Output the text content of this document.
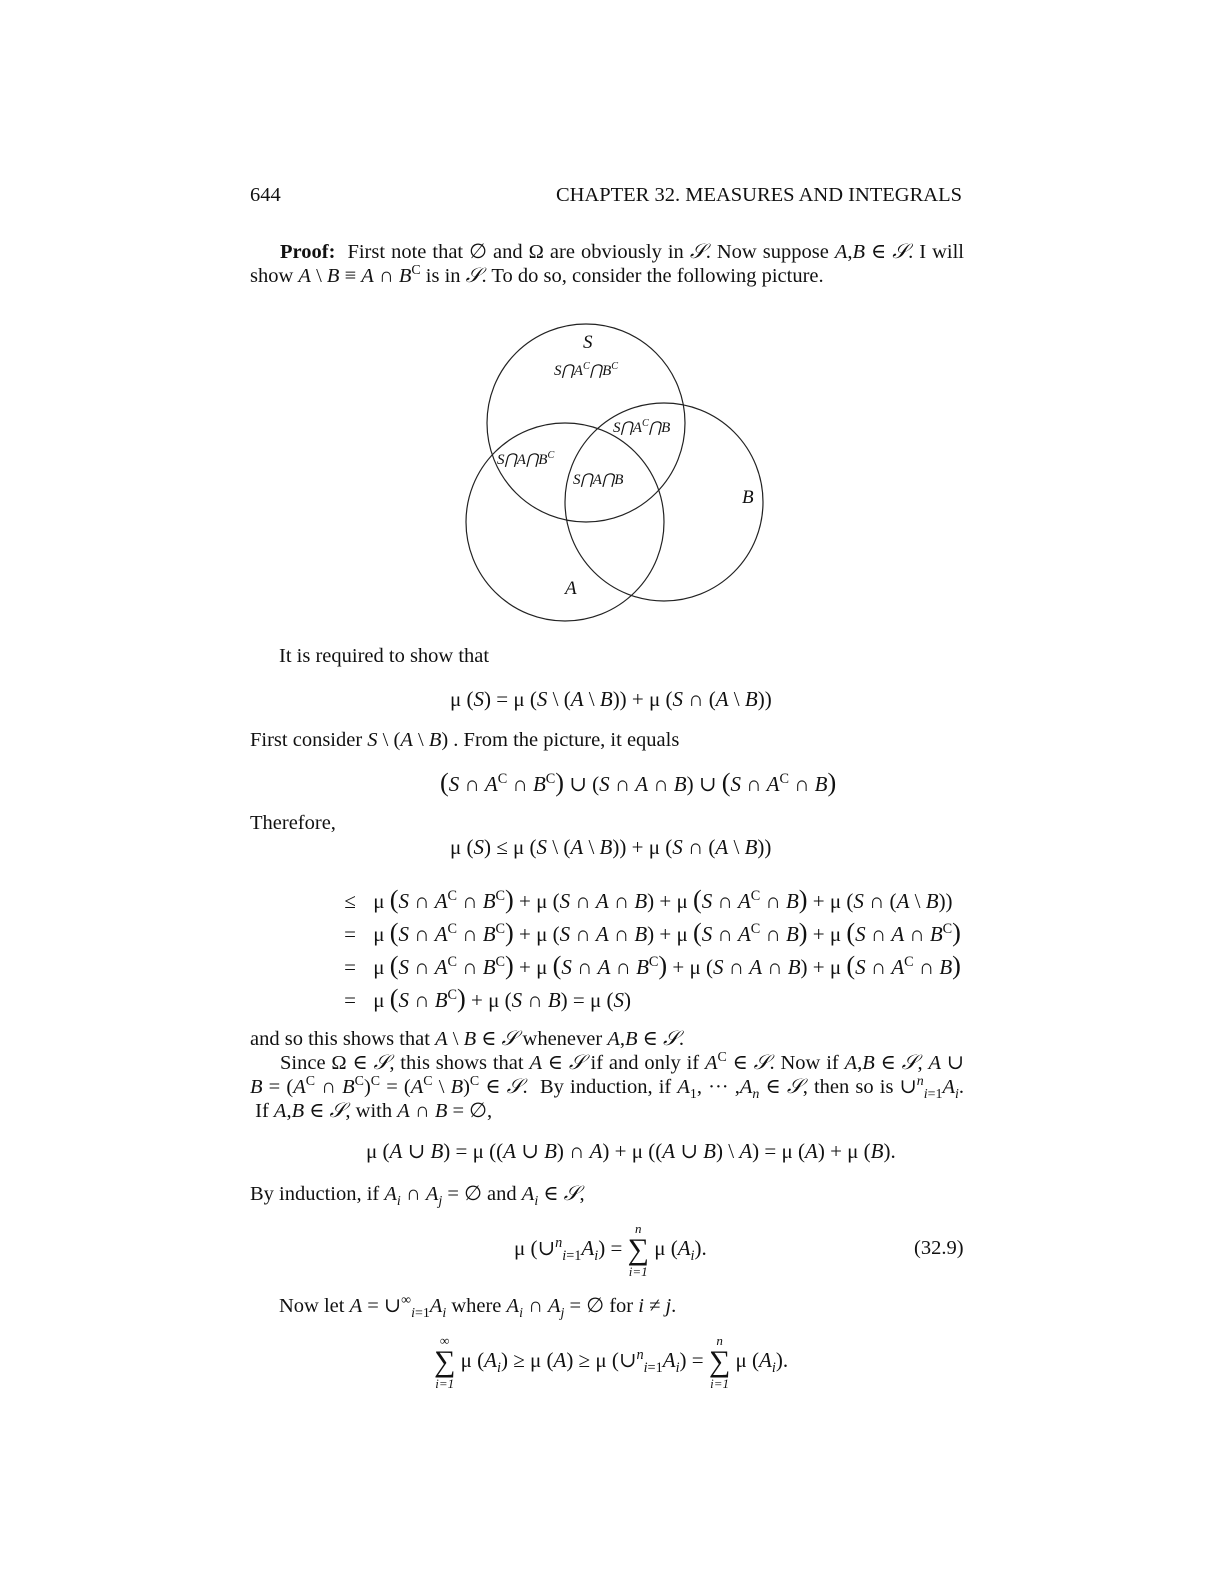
644	CHAPTER 32. MEASURES AND INTEGRALS
Proof:  First note that ∅ and Ω are obviously in 𝒮. Now suppose A,B ∈ 𝒮. I will show A \ B ≡ A ∩ $B^C$ is in 𝒮. To do so, consider the following picture.
S
$S⋂A^C⋂B^C$
$S⋂A^C⋂B$
$S⋂A⋂B^C$
S⋂A⋂B
B
A
It is required to show that
μ (S) = μ (S \ (A \ B)) + μ (S ∩ (A \ B))
First consider S \ (A \ B) . From the picture, it equals
(S ∩ $A^C$ ∩ $B^C$) ∪ (S ∩ A ∩ B) ∪ (S ∩ $A^C$ ∩ B)
Therefore,
μ (S) ≤ μ (S \ (A \ B)) + μ (S ∩ (A \ B))
≤ μ (S ∩ $A^C$ ∩ $B^C) + \mu$ (S ∩ A ∩ B) + μ (S ∩ $A^C$ ∩ B) + μ (S ∩ (A \ B))
= μ (S ∩ $A^C$ ∩ $B^C) + \mu$ (S ∩ A ∩ B) + μ (S ∩ $A^C$ ∩ B) + μ (S ∩ A ∩ $B^C$)
= μ (S ∩ $A^C$ ∩ $B^C) + \mu$ (S ∩ A ∩ $B^C) + \mu$ (S ∩ A ∩ B) + μ (S ∩ $A^C$ ∩ B)
= μ (S ∩ $B^C) + \mu$ (S ∩ B) = μ (S)
and so this shows that A \ B ∈ 𝒮 whenever A,B ∈ 𝒮.
Since Ω ∈ 𝒮, this shows that A ∈ 𝒮 if and only if $A^C$ ∈ 𝒮. Now if A,B ∈ 𝒮, A ∪ $B = (A^C$ ∩ $B^C)^C = (A^C$ \ B)$^C$ ∈ 𝒮.  By induction, if $A_1$, ··· $,A_n$ ∈ 𝒮, then so is $\cup^n_{i=1}A_i$.  If A,B ∈ 𝒮, with A ∩ B = ∅,
μ (A ∪ B) = μ ((A ∪ B) ∩ A) + μ ((A ∪ B) \ A) = μ (A) + μ (B).
By induction, if $A_i$ ∩ $A_j$ = ∅ and $A_i$ ∈ 𝒮,
μ $(\cup^n_{i=1}A_i)$ =
n
∑
i=1
μ $(A_i)$.	(32.9)
Now let $A = \cup^\infty_{i=1}A_i$ where $A_i$ ∩ $A_j$ = ∅ for i ≠ j.
∞
∑
i=1
μ $(A_i) \ge \mu$ (A) ≥ μ $(\cup^n_{i=1}A_i)$ =
n
∑
i=1
μ $(A_i)$.
